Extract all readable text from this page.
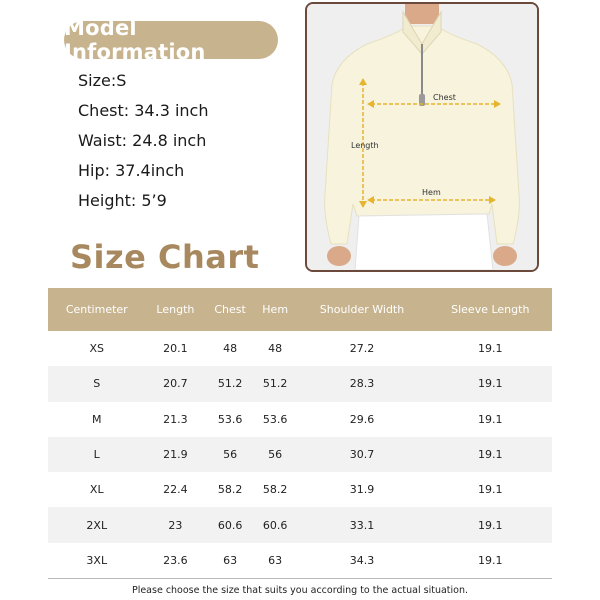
Model Information
Size:S
Chest: 34.3 inch
Waist: 24.8 inch
Hip: 37.4inch
Height: 5’9
Chest
Length
Hem
Size Chart
Centimeter	Length	Chest	Hem	Shoulder Width	Sleeve Length
XS	20.1	48	48	27.2	19.1
S	20.7	51.2	51.2	28.3	19.1
M	21.3	53.6	53.6	29.6	19.1
L	21.9	56	56	30.7	19.1
XL	22.4	58.2	58.2	31.9	19.1
2XL	23	60.6	60.6	33.1	19.1
3XL	23.6	63	63	34.3	19.1
Please choose the size that suits you according to the actual situation.
